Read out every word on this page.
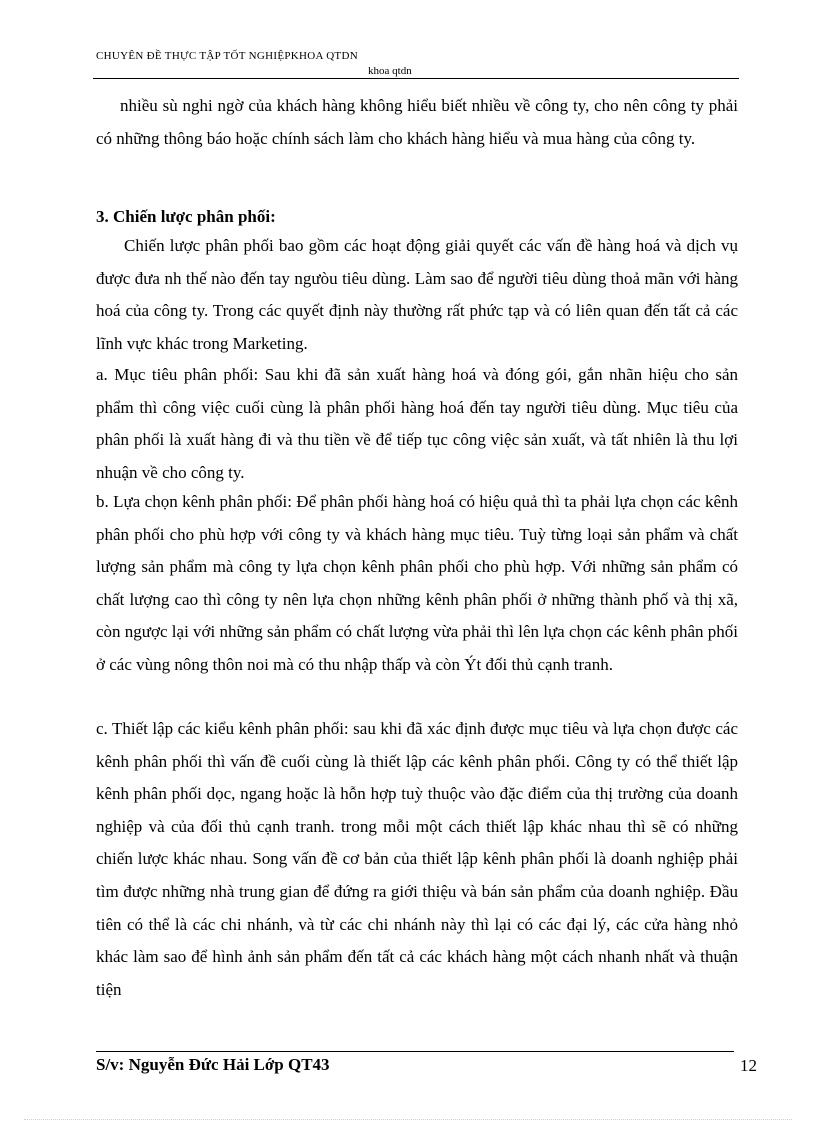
CHUYÊN ĐỀ THỰC TẬP TỐT NGHIỆPKHOA QTDN
khoa qtdn

nhiều sù nghi ngờ của khách hàng không hiểu biết nhiều về công ty, cho nên công ty phải có những thông báo hoặc chính sách làm cho khách hàng hiểu và mua hàng của công ty.

3. Chiến lược phân phối:

Chiến lược phân phối bao gồm các hoạt động giải quyết các vấn đề hàng hoá và dịch vụ được đưa nh thế nào đến tay ngưòu tiêu dùng. Làm sao để người tiêu dùng thoả mãn với hàng hoá của công ty. Trong các quyết định này thường rất phức tạp và có liên quan đến tất cả các lĩnh vực khác trong Marketing.

a. Mục tiêu phân phối: Sau khi đã sản xuất hàng hoá và đóng gói, gắn nhãn hiệu cho sản phẩm thì công việc cuối cùng là phân phối hàng hoá đến tay người tiêu dùng. Mục tiêu của phân phối là xuất hàng đi và thu tiền về để tiếp tục công việc sản xuất, và tất nhiên là thu lợi nhuận về cho công ty.

b. Lựa chọn kênh phân phối: Để phân phối hàng hoá có hiệu quả thì ta phải lựa chọn các kênh phân phối cho phù hợp với công ty và khách hàng mục tiêu. Tuỳ từng loại sản phẩm và chất lượng sản phẩm mà công ty lựa chọn kênh phân phối cho phù hợp. Với những sản phẩm có chất lượng cao thì công ty nên lựa chọn những kênh phân phối ở những thành phố và thị xã, còn ngược lại với những sản phẩm có chất lượng vừa phải thì lên lựa chọn các kênh phân phối ở các vùng nông thôn noi mà có thu nhập thấp và còn Ýt đối thủ cạnh tranh.

c. Thiết lập các kiểu kênh phân phối: sau khi đã xác định được mục tiêu và lựa chọn được các kênh phân phối thì vấn đề cuối cùng là thiết lập các kênh phân phối. Công ty có thể thiết lập kênh phân phối dọc, ngang hoặc là hỗn hợp tuỳ thuộc vào đặc điểm của thị trường của doanh nghiệp và của đối thủ cạnh tranh. trong mỗi một cách thiết lập khác nhau thì sẽ có những chiến lược khác nhau. Song vấn đề cơ bản của thiết lập kênh phân phối là doanh nghiệp phải tìm được những nhà trung gian để đứng ra giới thiệu và bán sản phẩm của doanh nghiệp. Đầu tiên có thể là các chi nhánh, và từ các chi nhánh này thì lại có các đại lý, các cửa hàng nhỏ khác làm sao để hình ảnh sản phẩm đến tất cả các khách hàng một cách nhanh nhất và thuận tiện

S/v: Nguyễn Đức Hải Lớp QT43	12
